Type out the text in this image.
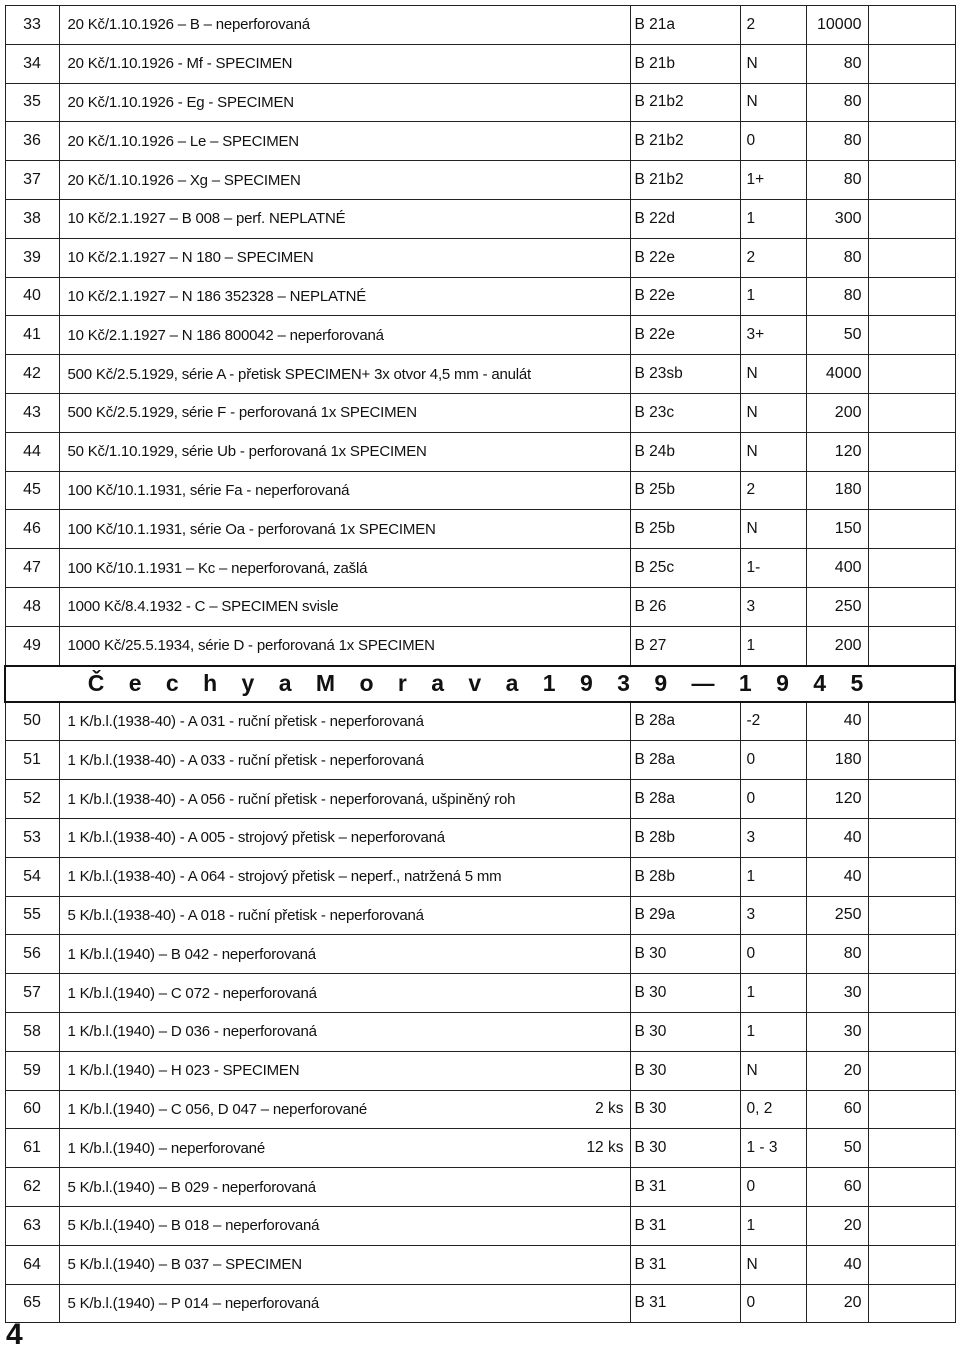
33	20 Kč/1.10.1926 – B – neperforovaná		B 21a	2	10000	
34	20 Kč/1.10.1926 - Mf - SPECIMEN		B 21b	N	80	
35	20 Kč/1.10.1926 - Eg - SPECIMEN		B 21b2	N	80	
36	20 Kč/1.10.1926 – Le – SPECIMEN		B 21b2	0	80	
37	20 Kč/1.10.1926 – Xg – SPECIMEN		B 21b2	1+	80	
38	10 Kč/2.1.1927 – B 008 – perf. NEPLATNÉ		B 22d	1	300	
39	10 Kč/2.1.1927 – N 180 – SPECIMEN		B 22e	2	80	
40	10 Kč/2.1.1927 – N 186 352328 – NEPLATNÉ		B 22e	1	80	
41	10 Kč/2.1.1927 – N 186 800042 – neperforovaná		B 22e	3+	50	
42	500 Kč/2.5.1929, série A - přetisk SPECIMEN+ 3x otvor 4,5 mm - anulát		B 23sb	N	4000	
43	500 Kč/2.5.1929, série F - perforovaná 1x SPECIMEN		B 23c	N	200	
44	50 Kč/1.10.1929, série Ub - perforovaná 1x SPECIMEN		B 24b	N	120	
45	100 Kč/10.1.1931, série Fa - neperforovaná		B 25b	2	180	
46	100 Kč/10.1.1931, série Oa - perforovaná 1x SPECIMEN		B 25b	N	150	
47	100 Kč/10.1.1931 – Kc – neperforovaná, zašlá		B 25c	1-	400	
48	1000 Kč/8.4.1932 - C – SPECIMEN svisle		B 26	3	250	
49	1000 Kč/25.5.1934, série D - perforovaná 1x SPECIMEN		B 27	1	200	
Č e c h y a M o r a v a 1 9 3 9 — 1 9 4 5						
50	1 K/b.l.(1938-40) - A 031 - ruční přetisk - neperforovaná		B 28a	-2	40	
51	1 K/b.l.(1938-40) - A 033 - ruční přetisk - neperforovaná		B 28a	0	180	
52	1 K/b.l.(1938-40) - A 056 - ruční přetisk - neperforovaná, ušpiněný roh		B 28a	0	120	
53	1 K/b.l.(1938-40) - A 005 - strojový přetisk – neperforovaná		B 28b	3	40	
54	1 K/b.l.(1938-40) - A 064 - strojový přetisk – neperf., natržená 5 mm		B 28b	1	40	
55	5 K/b.l.(1938-40) - A 018 - ruční přetisk - neperforovaná		B 29a	3	250	
56	1 K/b.l.(1940) – B 042 - neperforovaná		B 30	0	80	
57	1 K/b.l.(1940) – C 072 - neperforovaná		B 30	1	30	
58	1 K/b.l.(1940) – D 036 - neperforovaná		B 30	1	30	
59	1 K/b.l.(1940) – H 023 - SPECIMEN		B 30	N	20	
60	1 K/b.l.(1940) – C 056, D 047 – neperforované	2 ks	B 30	0, 2	60	
61	1 K/b.l.(1940) – neperforované	12 ks	B 30	1 - 3	50	
62	5 K/b.l.(1940) – B 029 - neperforovaná		B 31	0	60	
63	5 K/b.l.(1940) – B 018 – neperforovaná		B 31	1	20	
64	5 K/b.l.(1940) – B 037 – SPECIMEN		B 31	N	40	
65	5 K/b.l.(1940) – P 014 – neperforovaná		B 31	0	20	
4
